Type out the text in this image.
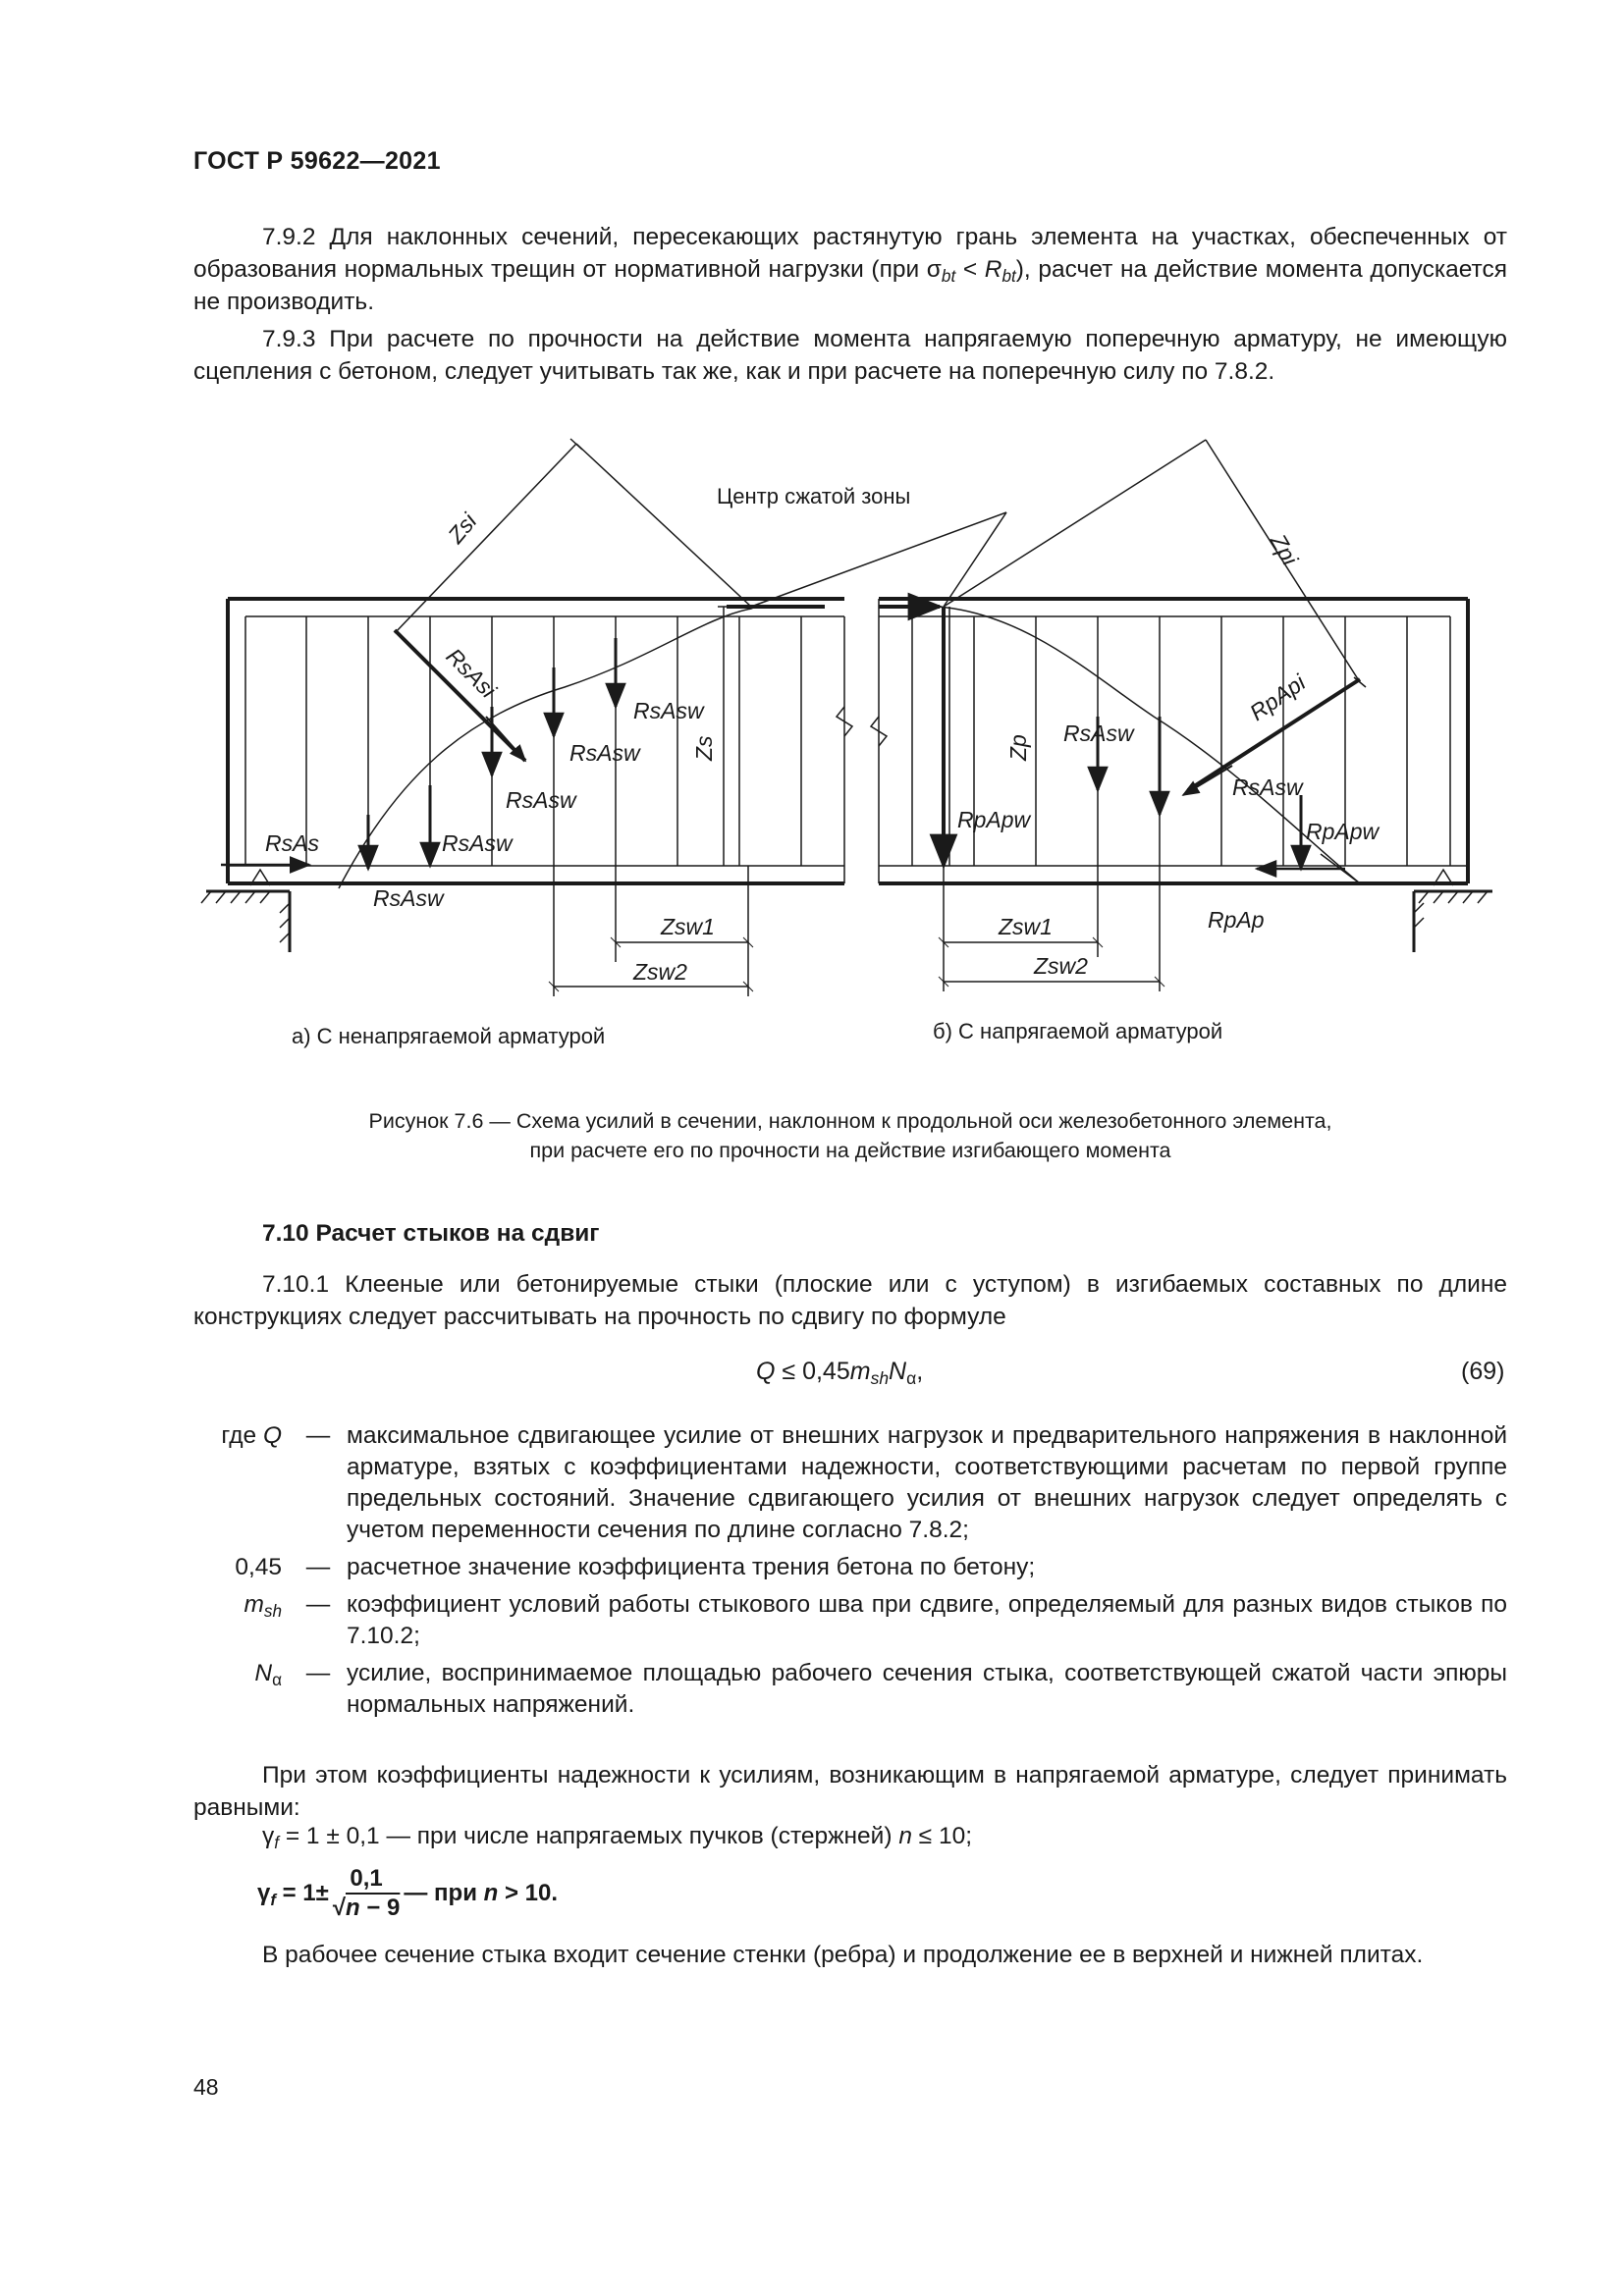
ГОСТ Р 59622—2021
7.9.2 Для наклонных сечений, пересекающих растянутую грань элемента на участках, обеспеченных от образования нормальных трещин от нормативной нагрузки (при $\sigma_{bt} < R_{bt}$), расчет на действие момента допускается не производить.
7.9.3 При расчете по прочности на действие момента напрягаемую поперечную арматуру, не имеющую сцепления с бетоном, следует учитывать так же, как и при расчете на поперечную силу по 7.8.2.
Центр сжатой зоны
Zsi
Zpi
RsAsi
RsAsw
RsAsw
RsAsw
RsAsw
RsAsw
RsAs
Zs	Zp
RsAsw
RpApw
RpApi
RsAsw
RpApw
RpAp
Zsw1
Zsw2
Zsw1
Zsw2
а) С ненапрягаемой арматурой	б) С напрягаемой арматурой
Рисунок 7.6 — Схема усилий в сечении, наклонном к продольной оси железобетонного элемента,
при расчете его по прочности на действие изгибающего момента
7.10 Расчет стыков на сдвиг
7.10.1 Клееные или бетонируемые стыки (плоские или с уступом) в изгибаемых составных по длине конструкциях следует рассчитывать на прочность по сдвигу по формуле
$Q \le 0,45m_{sh}N_\alpha$,	(69)
где Q	— максимальное сдвигающее усилие от внешних нагрузок и предварительного напряжения в наклонной арматуре, взятых с коэффициентами надежности, соответствующими расчетам по первой группе предельных состояний. Значение сдвигающего усилия от внешних нагрузок следует определять с учетом переменности сечения по длине согласно 7.8.2;
0,45	— расчетное значение коэффициента трения бетона по бетону;
$m_{sh}$	— коэффициент условий работы стыкового шва при сдвиге, определяемый для разных видов стыков по 7.10.2;
$N_\alpha$	— усилие, воспринимаемое площадью рабочего сечения стыка, соответствующей сжатой части эпюры нормальных напряжений.
При этом коэффициенты надежности к усилиям, возникающим в напрягаемой арматуре, следует принимать равными:
$\gamma_f = 1 \pm 0,1$ — при числе напрягаемых пучков (стержней) n ≤ 10;
$\gamma_f = 1\pm \frac{0,1}{√n - 9}$ — при n > 10.
В рабочее сечение стыка входит сечение стенки (ребра) и продолжение ее в верхней и нижней плитах.
48
